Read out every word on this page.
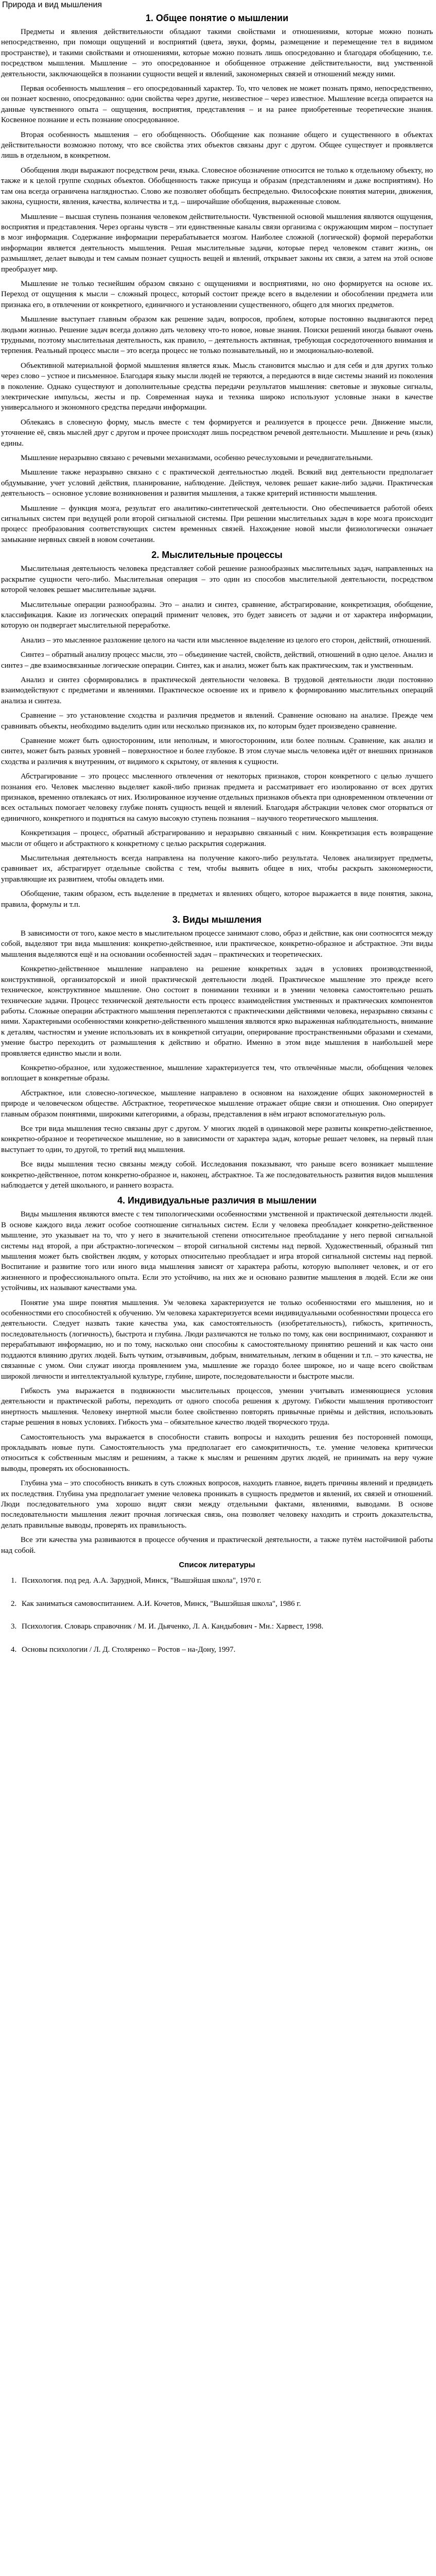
Природа и вид мышления
1. Общее понятие о мышлении

Предметы и явления действительности обладают такими свойствами и отношениями, которые можно познать непосредственно, при помощи ощущений и восприятий (цвета, звуки, формы, размещение и перемещение тел в видимом пространстве), и такими свойствами и отношениями, которые можно познать лишь опосредованно и благодаря обобщению, т.е. посредством мышления. Мышление – это опосредованное и обобщенное отражение действительности, вид умственной деятельности, заключающейся в познании сущности вещей и явлений, закономерных связей и отношений между ними.

Первая особенность мышления – его опосредованный характер. То, что человек не может познать прямо, непосредственно, он познает косвенно, опосредованно: одни свойства через другие, неизвестное – через известное. Мышление всегда опирается на данные чувственного опыта – ощущения, восприятия, представления – и на ранее приобретенные теоретические знания. Косвенное познание и есть познание опосредованное.

Вторая особенность мышления – его обобщенность. Обобщение как познание общего и существенного в объектах действительности возможно потому, что все свойства этих объектов связаны друг с другом. Общее существует и проявляется лишь в отдельном, в конкретном.

Обобщения люди выражают посредством речи, языка. Словесное обозначение относится не только к отдельному объекту, но также и к целой группе сходных объектов. Обобщенность также присуща и образам (представлениям и даже восприятиям). Но там она всегда ограничена наглядностью. Слово же позволяет обобщать беспредельно. Философские понятия материи, движения, закона, сущности, явления, качества, количества и т.д. – широчайшие обобщения, выраженные словом.

Мышление – высшая ступень познания человеком действительности. Чувственной основой мышления являются ощущения, восприятия и представления. Через органы чувств – эти единственные каналы связи организма с окружающим миром – поступает в мозг информация. Содержание информации перерабатывается мозгом. Наиболее сложной (логической) формой переработки информации является деятельность мышления. Решая мыслительные задачи, которые перед человеком ставит жизнь, он размышляет, делает выводы и тем самым познает сущность вещей и явлений, открывает законы их связи, а затем на этой основе преобразует мир.

Мышление не только теснейшим образом связано с ощущениями и восприятиями, но оно формируется на основе их. Переход от ощущения к мысли – сложный процесс, который состоит прежде всего в выделении и обособлении предмета или признака его, в отвлечении от конкретного, единичного и установлении существенного, общего для многих предметов.

Мышление выступает главным образом как решение задач, вопросов, проблем, которые постоянно выдвигаются перед людьми жизнью. Решение задач всегда должно дать человеку что-то новое, новые знания. Поиски решений иногда бывают очень трудными, поэтому мыслительная деятельность, как правило, – деятельность активная, требующая сосредоточенного внимания и терпения. Реальный процесс мысли – это всегда процесс не только познавательный, но и эмоционально-волевой.

Объективной материальной формой мышления является язык. Мысль становится мыслью и для себя и для других только через слово – устное и письменное. Благодаря языку мысли людей не теряются, а передаются в виде системы знаний из поколения в поколение. Однако существуют и дополнительные средства передачи результатов мышления: световые и звуковые сигналы, электрические импульсы, жесты и пр. Современная наука и техника широко используют условные знаки в качестве универсального и экономного средства передачи информации.

Облекаясь в словесную форму, мысль вместе с тем формируется и реализуется в процессе речи. Движение мысли, уточнение её, связь мыслей друг с другом и прочее происходят лишь посредством речевой деятельности. Мышление и речь (язык) едины.

Мышление неразрывно связано с речевыми механизмами, особенно речеслуховыми и речедвигательными.

Мышление также неразрывно связано с с практической деятельностью людей. Всякий вид деятельности предполагает обдумывание, учет условий действия, планирование, наблюдение. Действуя, человек решает какие-либо задачи. Практическая деятельность – основное условие возникновения и развития мышления, а также критерий истинности мышления.

Мышление – функция мозга, результат его аналитико-синтетической деятельности. Оно обеспечивается работой обеих сигнальных систем при ведущей роли второй сигнальной системы. При решении мыслительных задач в коре мозга происходит процесс преобразования соответствующих систем временных связей. Нахождение новой мысли физиологически означает замыкание нервных связей в новом сочетании.

2. Мыслительные процессы

Мыслительная деятельность человека представляет собой решение разнообразных мыслительных задач, направленных на раскрытие сущности чего-либо. Мыслительная операция – это один из способов мыслительной деятельности, посредством которой человек решает мыслительные задачи.

Мыслительные операции разнообразны. Это – анализ и синтез, сравнение, абстрагирование, конкретизация, обобщение, классификация. Какие из логических операций применит человек, это будет зависеть от задачи и от характера информации, которую он подвергает мыслительной переработке.

Анализ – это мысленное разложение целого на части или мысленное выделение из целого его сторон, действий, отношений.

Синтез – обратный анализу процесс мысли, это – объединение частей, свойств, действий, отношений в одно целое. Анализ и синтез – две взаимосвязанные логические операции. Синтез, как и анализ, может быть как практическим, так и умственным.

Анализ и синтез сформировались в практической деятельности человека. В трудовой деятельности люди постоянно взаимодействуют с предметами и явлениями. Практическое освоение их и привело к формированию мыслительных операций анализа и синтеза.

Сравнение – это установление сходства и различия предметов и явлений. Сравнение основано на анализе. Прежде чем сравнивать объекты, необходимо выделить один или несколько признаков их, по которым будет произведено сравнение.

Сравнение может быть односторонним, или неполным, и многосторонним, или более полным. Сравнение, как анализ и синтез, может быть разных уровней – поверхностное и более глубокое. В этом случае мысль человека идёт от внешних признаков сходства и различия к внутренним, от видимого к скрытому, от явления к сущности.

Абстрагирование – это процесс мысленного отвлечения от некоторых признаков, сторон конкретного с целью лучшего познания его. Человек мысленно выделяет какой-либо признак предмета и рассматривает его изолированно от всех других признаков, временно отвлекаясь от них. Изолированное изучение отдельных признаков объекта при одновременном отвлечении от всех остальных помогает человеку глубже понять сущность вещей и явлений. Благодаря абстракции человек смог оторваться от единичного, конкретного и подняться на самую высокую ступень познания – научного теоретического мышления.

Конкретизация – процесс, обратный абстрагированию и неразрывно связанный с ним. Конкретизация есть возвращение мысли от общего и абстрактного к конкретному с целью раскрытия содержания.

Мыслительная деятельность всегда направлена на получение какого-либо результата. Человек анализирует предметы, сравнивает их, абстрагирует отдельные свойства с тем, чтобы выявить общее в них, чтобы раскрыть закономерности, управляющие их развитием, чтобы овладеть ими.

Обобщение, таким образом, есть выделение в предметах и явлениях общего, которое выражается в виде понятия, закона, правила, формулы и т.п.

3. Виды мышления

В зависимости от того, какое место в мыслительном процессе занимают слово, образ и действие, как они соотносятся между собой, выделяют три вида мышления: конкретно-действенное, или практическое, конкретно-образное и абстрактное. Эти виды мышления выделяются ещё и на основании особенностей задач – практических и теоретических.

Конкретно-действенное мышление направлено на решение конкретных задач в условиях производственной, конструктивной, организаторской и иной практической деятельности людей. Практическое мышление это прежде всего техническое, конструктивное мышление. Оно состоит в понимании техники и в умении человека самостоятельно решать технические задачи. Процесс технической деятельности есть процесс взаимодействия умственных и практических компонентов работы. Сложные операции абстрактного мышления переплетаются с практическими действиями человека, неразрывно связаны с ними. Характерными особенностями конкретно-действенного мышления являются ярко выраженная наблюдательность, внимание к деталям, частностям и умение использовать их в конкретной ситуации, оперирование пространственными образами и схемами, умение быстро переходить от размышления к действию и обратно. Именно в этом виде мышления в наибольшей мере проявляется единство мысли и воли.

Конкретно-образное, или художественное, мышление характеризуется тем, что отвлечённые мысли, обобщения человек воплощает в конкретные образы.

Абстрактное, или словесно-логическое, мышление направлено в основном на нахождение общих закономерностей в природе и человеческом обществе. Абстрактное, теоретическое мышление отражает общие связи и отношения. Оно оперирует главным образом понятиями, широкими категориями, а образы, представления в нём играют вспомогательную роль.

Все три вида мышления тесно связаны друг с другом. У многих людей в одинаковой мере развиты конкретно-действенное, конкретно-образное и теоретическое мышление, но в зависимости от характера задач, которые решает человек, на первый план выступает то один, то другой, то третий вид мышления.

Все виды мышления тесно связаны между собой. Исследования показывают, что раньше всего возникает мышление конкретно-действенное, потом конкретно-образное и, наконец, абстрактное. Та же последовательность развития видов мышления наблюдается у детей школьного, и раннего возраста.

4. Индивидуальные различия в мышлении

Виды мышления являются вместе с тем типологическими особенностями умственной и практической деятельности людей. В основе каждого вида лежит особое соотношение сигнальных систем. Если у человека преобладает конкретно-действенное мышление, это указывает на то, что у него в значительной степени относительное преобладание у него первой сигнальной системы над второй, а при абстрактно-логическом – второй сигнальной системы над первой. Художественный, образный тип мышления может быть свойствен людям, у которых относительно преобладает и игра второй сигнальной системы над первой. Воспитание и развитие того или иного вида мышления зависят от характера работы, которую выполняет человек, и от его жизненного и профессионального опыта. Если это устойчиво, на них же и основано развитие мышления в людей. Если же они устойчивы, их называют качествами ума.

Понятие ума шире понятия мышления. Ум человека характеризуется не только особенностями его мышления, но и особенностями его способностей к обучению. Ум человека характеризуется всеми индивидуальными особенностями процесса его деятельности. Следует назвать такие качества ума, как самостоятельность (изобретательность), гибкость, критичность, последовательность (логичность), быстрота и глубина. Люди различаются не только по тому, как они воспринимают, сохраняют и перерабатывают информацию, но и по тому, насколько они способны к самостоятельному принятию решений и как часто они поддаются влиянию других людей. Быть чутким, отзывчивым, добрым, внимательным, легким в общении и т.п. – это качества, не связанные с умом. Они служат иногда проявлением ума, мышление же гораздо более широкое, но и чаще всего свойствам широкой личности и интеллектуальной культуре, глубине, широте, последовательности и быстроте мысли.

Гибкость ума выражается в подвижности мыслительных процессов, умении учитывать изменяющиеся условия деятельности и практической работы, переходить от одного способа решения к другому. Гибкости мышления противостоит инертность мышления. Человеку инертной мысли более свойственно повторять привычные приёмы и действия, использовать старые решения в новых условиях. Гибкость ума – обязательное качество людей творческого труда.

Самостоятельность ума выражается в способности ставить вопросы и находить решения без посторонней помощи, прокладывать новые пути. Самостоятельность ума предполагает его самокритичность, т.е. умение человека критически относиться к собственным мыслям и решениям, а также к мыслям и решениям других людей, не принимать на веру чужие выводы, проверять их обоснованность.

Глубина ума – это способность вникать в суть сложных вопросов, находить главное, видеть причины явлений и предвидеть их последствия. Глубина ума предполагает умение человека проникать в сущность предметов и явлений, их связей и отношений. Люди последовательного ума хорошо видят связи между отдельными фактами, явлениями, выводами. В основе последовательности мышления лежит прочная логическая связь, она позволяет человеку находить и строить доказательства, делать правильные выводы, проверять их правильность.

Все эти качества ума развиваются в процессе обучения и практической деятельности, а также путём настойчивой работы над собой.

Список литературы
1. Психология. под ред. А.А. Зарудной, Минск, "Вышэйшая школа", 1970 г.
2. Как заниматься самовоспитанием. А.И. Кочетов, Минск, "Вышэйшая школа", 1986 г.
3. Психология. Словарь справочник / М. И. Дьяченко, Л. А. Кандыбович - Мн.: Харвест, 1998.
4. Основы психологии / Л. Д. Столяренко – Ростов – на-Дону, 1997.
